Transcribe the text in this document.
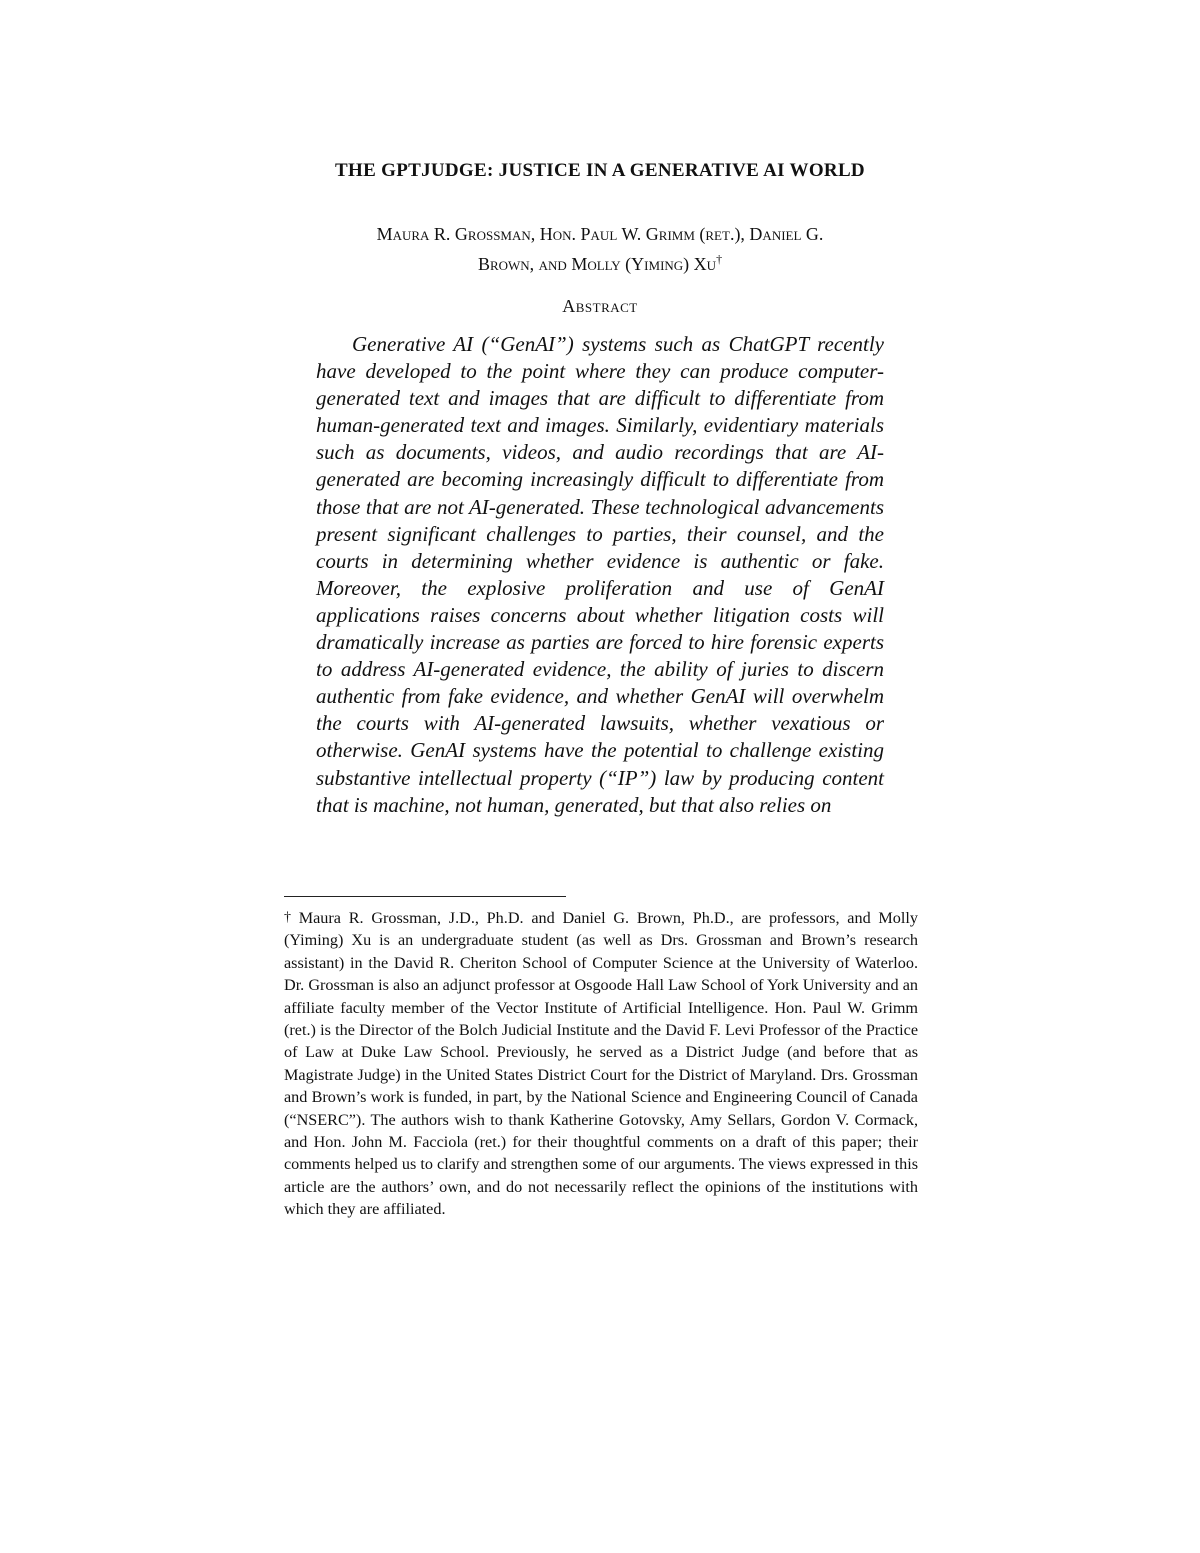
THE GPTJUDGE: JUSTICE IN A GENERATIVE AI WORLD
Maura R. Grossman, Hon. Paul W. Grimm (ret.), Daniel G.
Brown, and Molly (Yiming) Xu†
Abstract

Generative AI (“GenAI”) systems such as ChatGPT recently have developed to the point where they can produce computer-generated text and images that are difficult to differentiate from human-generated text and images. Similarly, evidentiary materials such as documents, videos, and audio recordings that are AI-generated are becoming increasingly difficult to differentiate from those that are not AI-generated. These technological advancements present significant challenges to parties, their counsel, and the courts in determining whether evidence is authentic or fake. Moreover, the explosive proliferation and use of GenAI applications raises concerns about whether litigation costs will dramatically increase as parties are forced to hire forensic experts to address AI-generated evidence, the ability of juries to discern authentic from fake evidence, and whether GenAI will overwhelm the courts with AI-generated lawsuits, whether vexatious or otherwise. GenAI systems have the potential to challenge existing substantive intellectual property (“IP”) law by producing content that is machine, not human, generated, but that also relies on

† Maura R. Grossman, J.D., Ph.D. and Daniel G. Brown, Ph.D., are professors, and Molly (Yiming) Xu is an undergraduate student (as well as Drs. Grossman and Brown’s research assistant) in the David R. Cheriton School of Computer Science at the University of Waterloo. Dr. Grossman is also an adjunct professor at Osgoode Hall Law School of York University and an affiliate faculty member of the Vector Institute of Artificial Intelligence. Hon. Paul W. Grimm (ret.) is the Director of the Bolch Judicial Institute and the David F. Levi Professor of the Practice of Law at Duke Law School. Previously, he served as a District Judge (and before that as Magistrate Judge) in the United States District Court for the District of Maryland. Drs. Grossman and Brown’s work is funded, in part, by the National Science and Engineering Council of Canada (“NSERC”). The authors wish to thank Katherine Gotovsky, Amy Sellars, Gordon V. Cormack, and Hon. John M. Facciola (ret.) for their thoughtful comments on a draft of this paper; their comments helped us to clarify and strengthen some of our arguments. The views expressed in this article are the authors’ own, and do not necessarily reflect the opinions of the institutions with which they are affiliated.
